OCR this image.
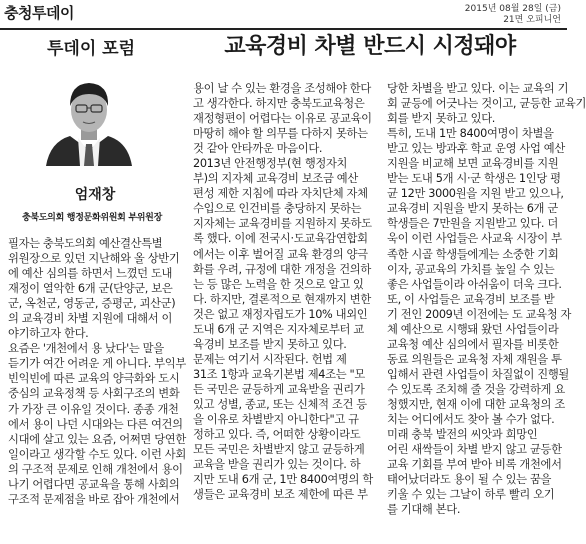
충청투데이	2015년 08월 28일 (금)
21면 오피니언
투데이 포럼	교육경비 차별 반드시 시정돼야
엄재창
충북도의회 행정문화위원회 부위원장
필자는 충북도의회 예산결산특별
위원장으로 있던 지난해와 올 상반기
에 예산 심의를 하면서 느꼈던 도내
재정이 열악한 6개 군(단양군, 보은
군, 옥천군, 영동군, 증평군, 괴산군)
의 교육경비 차별 지원에 대해서 이
야기하고자 한다.
요즘은 '개천에서 용 났다'는 말을
듣기가 여간 어려운 게 아니다. 부익부
빈익빈에 따른 교육의 양극화와 도시
중심의 교육정책 등 사회구조의 변화
가 가장 큰 이유일 것이다. 종종 개천
에서 용이 나던 시대와는 다른 여건의
시대에 살고 있는 요즘, 어쩌면 당연한
일이라고 생각할 수도 있다. 이런 사회
의 구조적 문제로 인해 개천에서 용이
나기 어렵다면 공교육을 통해 사회의
구조적 문제점을 바로 잡아 개천에서
용이 날 수 있는 환경을 조성해야 한다
고 생각한다. 하지만 충북도교육청은
재정형편이 어렵다는 이유로 공교육이
마땅히 해야 할 의무를 다하지 못하는
것 같아 안타까운 마음이다.
2013년 안전행정부(현 행정자치
부)의 지자체 교육경비 보조금 예산
편성 제한 지침에 따라 자치단체 자체
수입으로 인건비를 충당하지 못하는
지자체는 교육경비를 지원하지 못하도
록 했다. 이에 전국시·도교육감연합회
에서는 이후 벌어질 교육 환경의 양극
화를 우려, 규정에 대한 개정을 건의하
는 등 많은 노력을 한 것으로 알고 있
다. 하지만, 결론적으로 현재까지 변한
것은 없고 재정자립도가 10% 내외인
도내 6개 군 지역은 지자체로부터 교
육경비 보조를 받지 못하고 있다.
문제는 여기서 시작된다. 헌법 제
31조 1항과 교육기본법 제4조는 "모
든 국민은 균등하게 교육받을 권리가
있고 성별, 종교, 또는 신체적 조건 등
을 이유로 차별받지 아니한다"고 규
정하고 있다. 즉, 어떠한 상황이라도
모든 국민은 차별받지 않고 균등하게
교육을 받을 권리가 있는 것이다. 하
지만 도내 6개 군, 1만 8400여명의 학
생들은 교육경비 보조 제한에 따른 부
당한 차별을 받고 있다. 이는 교육의 기
회 균등에 어긋나는 것이고, 균등한 교육기
회를 받지 못하고 있다.
특히, 도내 1만 8400여명이 차별을
받고 있는 방과후 학교 운영 사업 예산
지원을 비교해 보면 교육경비를 지원
받는 도내 5개 시·군 학생은 1인당 평
균 12만 3000원을 지원 받고 있으나,
교육경비 지원을 받지 못하는 6개 군
학생들은 7만원을 지원받고 있다. 더
욱이 이런 사업들은 사교육 시장이 부
족한 시골 학생들에게는 소중한 기회
이자, 공교육의 가치를 높일 수 있는
좋은 사업들이라 아쉬움이 더욱 크다.
또, 이 사업들은 교육경비 보조를 받
기 전인 2009년 이전에는 도 교육청 자
체 예산으로 시행돼 왔던 사업들이라
교육청 예산 심의에서 필자를 비롯한
동료 의원들은 교육청 자체 재원을 투
입해서 관련 사업들이 차질없이 진행될
수 있도록 조치해 줄 것을 강력하게 요
청했지만, 현재 이에 대한 교육청의 조
치는 어디에서도 찾아 볼 수가 없다.
미래 충북 발전의 씨앗과 희망인
어린 새싹들이 차별 받지 않고 균등한
교육 기회를 부여 받아 비록 개천에서
태어났더라도 용이 될 수 있는 꿈을
키울 수 있는 그날이 하루 빨리 오기
를 기대해 본다.
